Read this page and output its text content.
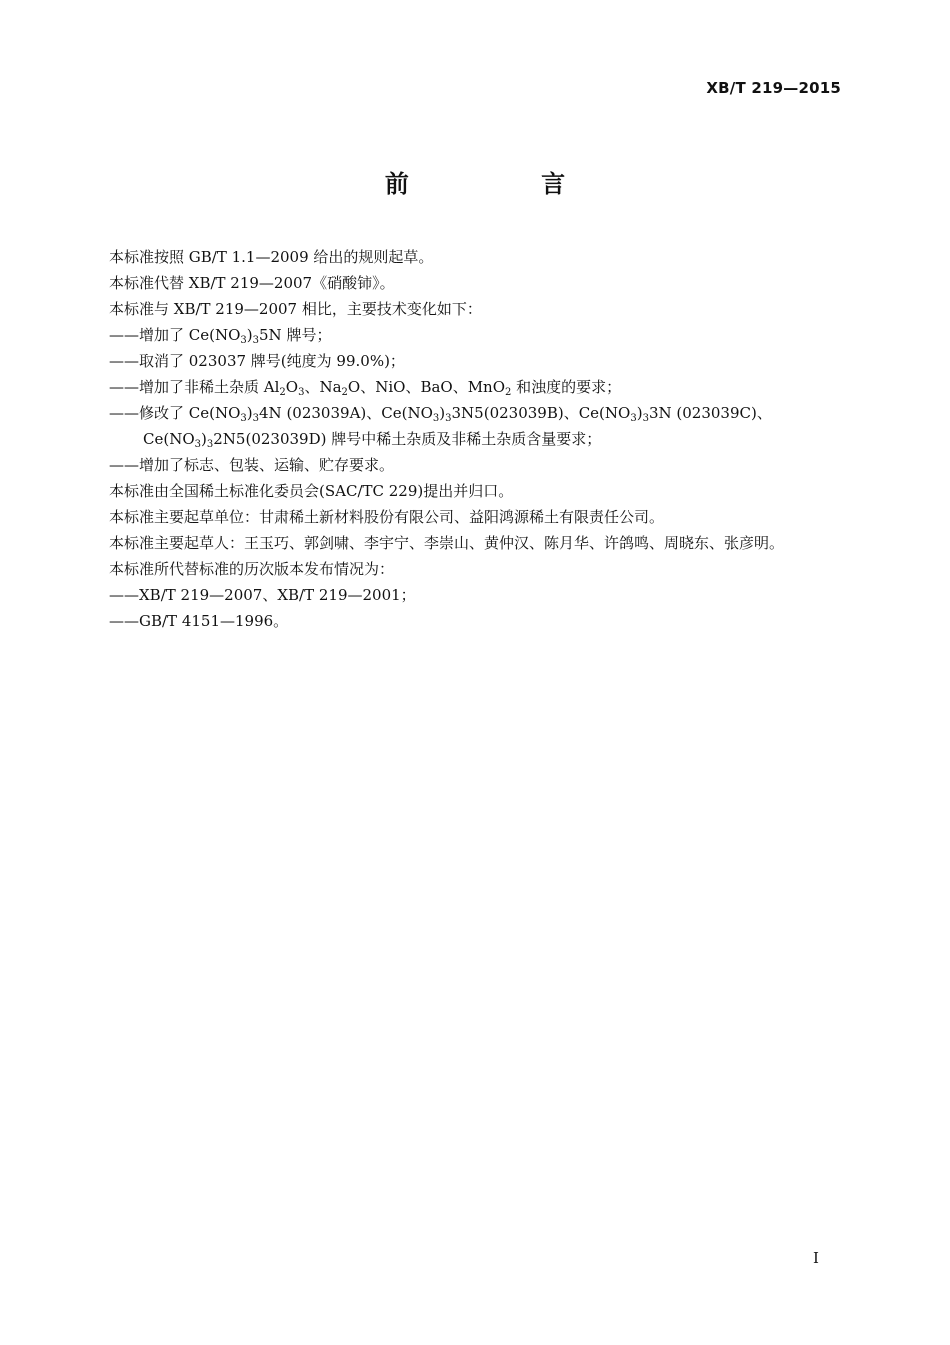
XB/T 219—2015
前 言
本标准按照 GB/T 1.1—2009 给出的规则起草。
本标准代替 XB/T 219—2007《硝酸铈》。
本标准与 XB/T 219—2007 相比，主要技术变化如下：
——增加了 $Ce(NO_3)_35N$ 牌号；
——取消了 023037 牌号(纯度为 99.0%)；
——增加了非稀土杂质 $Al_2O_3$、$Na_2O$、NiO、BaO、MnO$_2$ 和浊度的要求；
——修改了 $Ce(NO_3)_34N$ (023039A)、$Ce(NO_3)_33N5(023039B)$、$Ce(NO_3)_33N$ (023039C)、
$Ce(NO_3)_32N5(023039D)$ 牌号中稀土杂质及非稀土杂质含量要求；
——增加了标志、包装、运输、贮存要求。
本标准由全国稀土标准化委员会(SAC/TC 229)提出并归口。
本标准主要起草单位：甘肃稀土新材料股份有限公司、益阳鸿源稀土有限责任公司。
本标准主要起草人：王玉巧、郭剑啸、李宇宁、李崇山、黄仲汉、陈月华、许鸽鸣、周晓东、张彦明。
本标准所代替标准的历次版本发布情况为：
——XB/T 219—2007、XB/T 219—2001；
——GB/T 4151—1996。
I
